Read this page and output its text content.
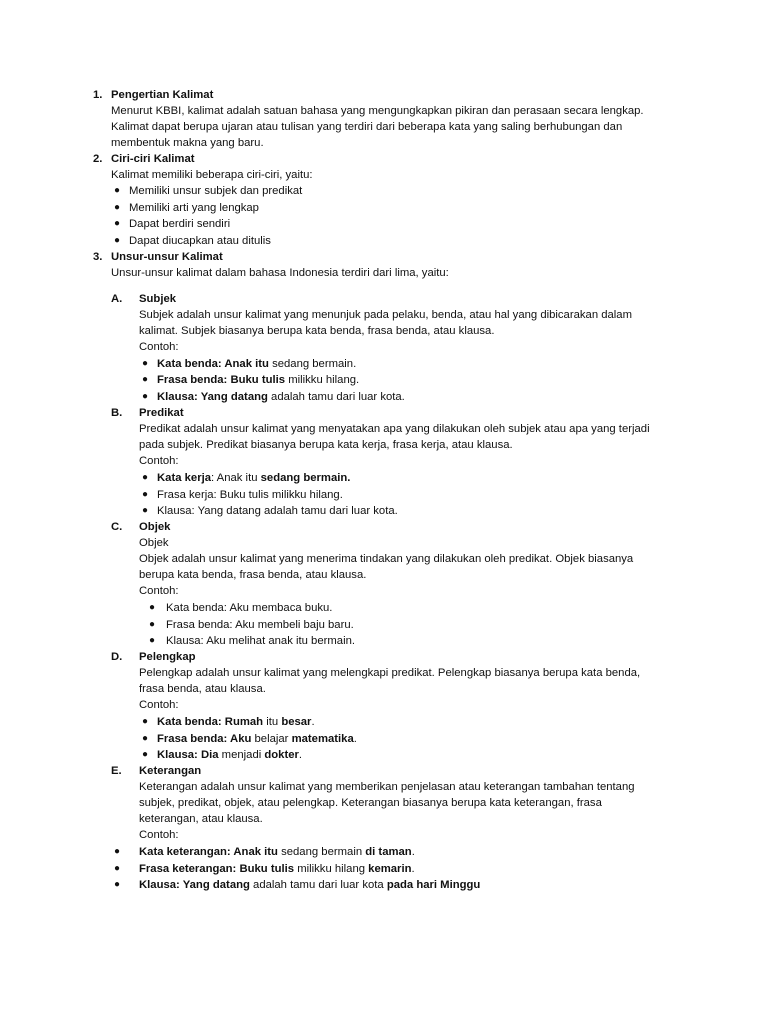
1. Pengertian Kalimat
Menurut KBBI, kalimat adalah satuan bahasa yang mengungkapkan pikiran dan perasaan secara lengkap.
Kalimat dapat berupa ujaran atau tulisan yang terdiri dari beberapa kata yang saling berhubungan dan
membentuk makna yang baru.
2. Ciri-ciri Kalimat
Kalimat memiliki beberapa ciri-ciri, yaitu:
● Memiliki unsur subjek dan predikat
● Memiliki arti yang lengkap
● Dapat berdiri sendiri
● Dapat diucapkan atau ditulis
3. Unsur-unsur Kalimat
Unsur-unsur kalimat dalam bahasa Indonesia terdiri dari lima, yaitu:
A. Subjek
Subjek adalah unsur kalimat yang menunjuk pada pelaku, benda, atau hal yang dibicarakan dalam
kalimat. Subjek biasanya berupa kata benda, frasa benda, atau klausa.
Contoh:
● Kata benda: Anak itu sedang bermain.
● Frasa benda: Buku tulis milikku hilang.
● Klausa: Yang datang adalah tamu dari luar kota.
B. Predikat
Predikat adalah unsur kalimat yang menyatakan apa yang dilakukan oleh subjek atau apa yang terjadi
pada subjek. Predikat biasanya berupa kata kerja, frasa kerja, atau klausa.
Contoh:
● Kata kerja: Anak itu sedang bermain.
● Frasa kerja: Buku tulis milikku hilang.
● Klausa: Yang datang adalah tamu dari luar kota.
C. Objek
Objek
Objek adalah unsur kalimat yang menerima tindakan yang dilakukan oleh predikat. Objek biasanya
berupa kata benda, frasa benda, atau klausa.
Contoh:
● Kata benda: Aku membaca buku.
● Frasa benda: Aku membeli baju baru.
● Klausa: Aku melihat anak itu bermain.
D. Pelengkap
Pelengkap adalah unsur kalimat yang melengkapi predikat. Pelengkap biasanya berupa kata benda,
frasa benda, atau klausa.
Contoh:
● Kata benda: Rumah itu besar.
● Frasa benda: Aku belajar matematika.
● Klausa: Dia menjadi dokter.
E. Keterangan
Keterangan adalah unsur kalimat yang memberikan penjelasan atau keterangan tambahan tentang
subjek, predikat, objek, atau pelengkap. Keterangan biasanya berupa kata keterangan, frasa
keterangan, atau klausa.
Contoh:
● Kata keterangan: Anak itu sedang bermain di taman.
● Frasa keterangan: Buku tulis milikku hilang kemarin.
● Klausa: Yang datang adalah tamu dari luar kota pada hari Minggu
